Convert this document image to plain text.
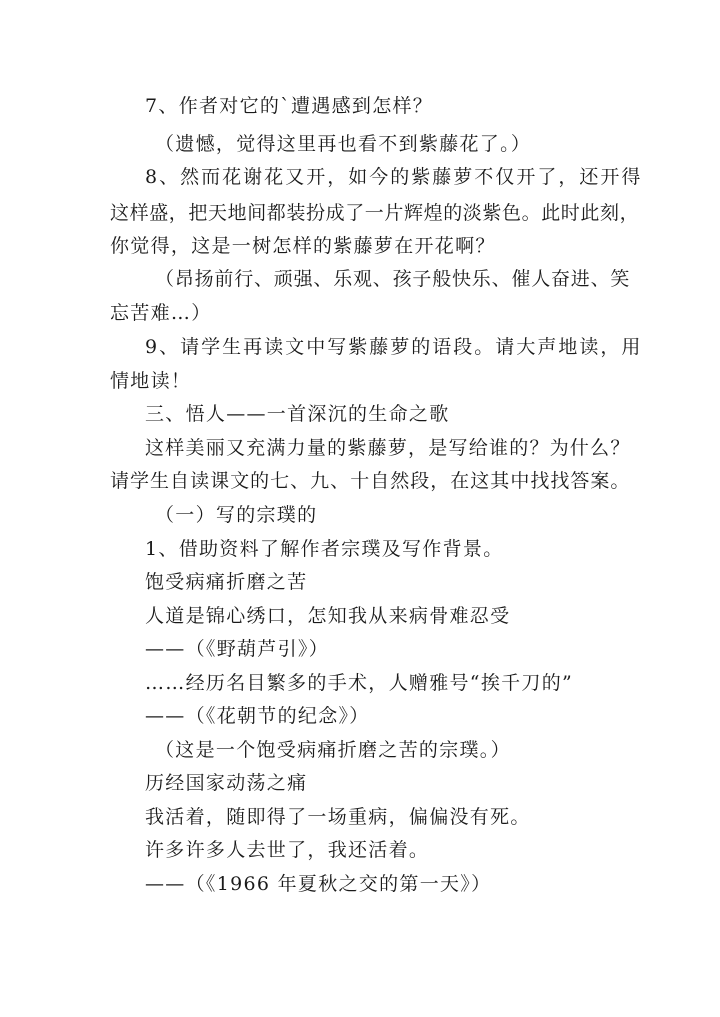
7、作者对它的`遭遇感到怎样？
（遗憾，觉得这里再也看不到紫藤花了。）
8、然而花谢花又开，如今的紫藤萝不仅开了，还开得
这样盛，把天地间都装扮成了一片辉煌的淡紫色。此时此刻，
你觉得，这是一树怎样的紫藤萝在开花啊？
（昂扬前行、顽强、乐观、孩子般快乐、催人奋进、笑
忘苦难…）
9、请学生再读文中写紫藤萝的语段。请大声地读，用
情地读！
三、悟人——一首深沉的生命之歌
这样美丽又充满力量的紫藤萝，是写给谁的？为什么？
请学生自读课文的七、九、十自然段，在这其中找找答案。
（一）写的宗璞的
1、借助资料了解作者宗璞及写作背景。
饱受病痛折磨之苦
人道是锦心绣口，怎知我从来病骨难忍受
——（《野葫芦引》）
……经历名目繁多的手术，人赠雅号“挨千刀的”
——（《花朝节的纪念》）
（这是一个饱受病痛折磨之苦的宗璞。）
历经国家动荡之痛
我活着，随即得了一场重病，偏偏没有死。
许多许多人去世了，我还活着。
——（《1966 年夏秋之交的第一天》）
